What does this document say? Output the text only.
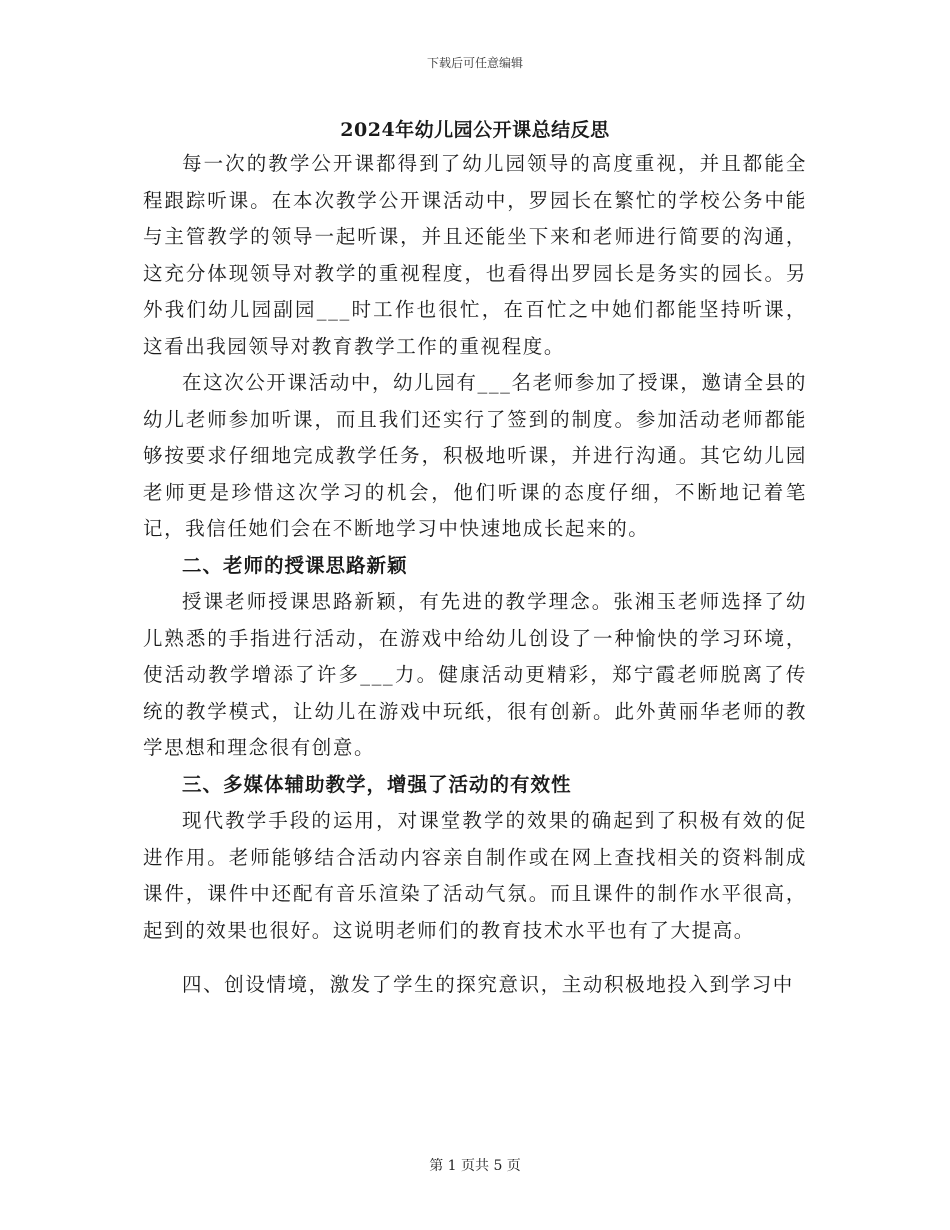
下载后可任意编辑
2024年幼儿园公开课总结反思

每一次的教学公开课都得到了幼儿园领导的高度重视，并且都能全程跟踪听课。在本次教学公开课活动中，罗园长在繁忙的学校公务中能与主管教学的领导一起听课，并且还能坐下来和老师进行简要的沟通，这充分体现领导对教学的重视程度，也看得出罗园长是务实的园长。另外我们幼儿园副园___时工作也很忙，在百忙之中她们都能坚持听课，这看出我园领导对教育教学工作的重视程度。

在这次公开课活动中，幼儿园有___名老师参加了授课，邀请全县的幼儿老师参加听课，而且我们还实行了签到的制度。参加活动老师都能够按要求仔细地完成教学任务，积极地听课，并进行沟通。其它幼儿园老师更是珍惜这次学习的机会，他们听课的态度仔细，不断地记着笔记，我信任她们会在不断地学习中快速地成长起来的。

二、老师的授课思路新颖

授课老师授课思路新颖，有先进的教学理念。张湘玉老师选择了幼儿熟悉的手指进行活动，在游戏中给幼儿创设了一种愉快的学习环境，使活动教学增添了许多___力。健康活动更精彩，郑宁霞老师脱离了传统的教学模式，让幼儿在游戏中玩纸，很有创新。此外黄丽华老师的教学思想和理念很有创意。

三、多媒体辅助教学，增强了活动的有效性

现代教学手段的运用，对课堂教学的效果的确起到了积极有效的促进作用。老师能够结合活动内容亲自制作或在网上查找相关的资料制成课件，课件中还配有音乐渲染了活动气氛。而且课件的制作水平很高，起到的效果也很好。这说明老师们的教育技术水平也有了大提高。

四、创设情境，激发了学生的探究意识，主动积极地投入到学习中

第 1 页共 5 页
